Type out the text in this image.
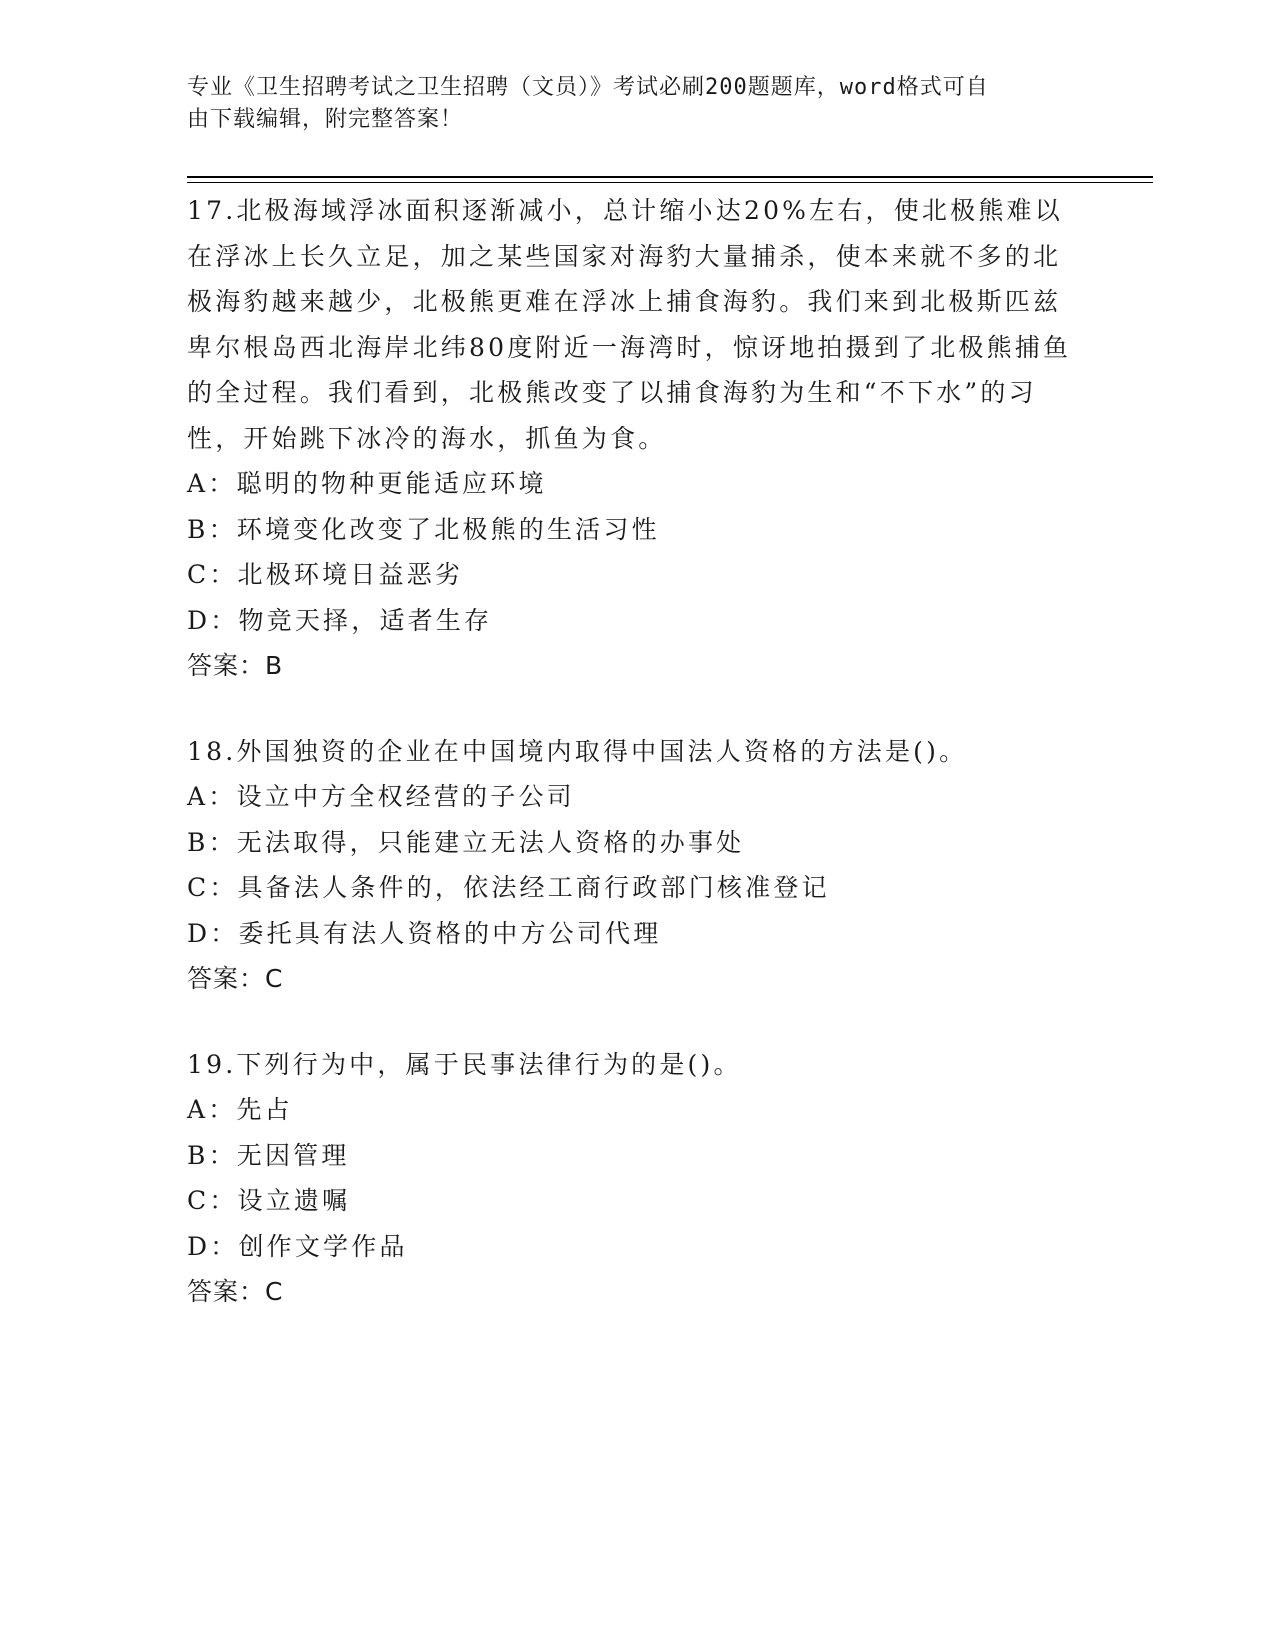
专业《卫生招聘考试之卫生招聘（文员）》考试必刷200题题库，word格式可自
由下载编辑，附完整答案！
17.北极海域浮冰面积逐渐减小，总计缩小达20%左右，使北极熊难以在浮冰上长久立足，加之某些国家对海豹大量捕杀，使本来就不多的北极海豹越来越少，北极熊更难在浮冰上捕食海豹。我们来到北极斯匹兹卑尔根岛西北海岸北纬80度附近一海湾时，惊讶地拍摄到了北极熊捕鱼的全过程。我们看到，北极熊改变了以捕食海豹为生和“不下水”的习性，开始跳下冰冷的海水，抓鱼为食。
A：聪明的物种更能适应环境
B：环境变化改变了北极熊的生活习性
C：北极环境日益恶劣
D：物竞天择，适者生存
答案：B
18.外国独资的企业在中国境内取得中国法人资格的方法是()。
A：设立中方全权经营的子公司
B：无法取得，只能建立无法人资格的办事处
C：具备法人条件的，依法经工商行政部门核准登记
D：委托具有法人资格的中方公司代理
答案：C
19.下列行为中，属于民事法律行为的是()。
A：先占
B：无因管理
C：设立遗嘱
D：创作文学作品
答案：C
